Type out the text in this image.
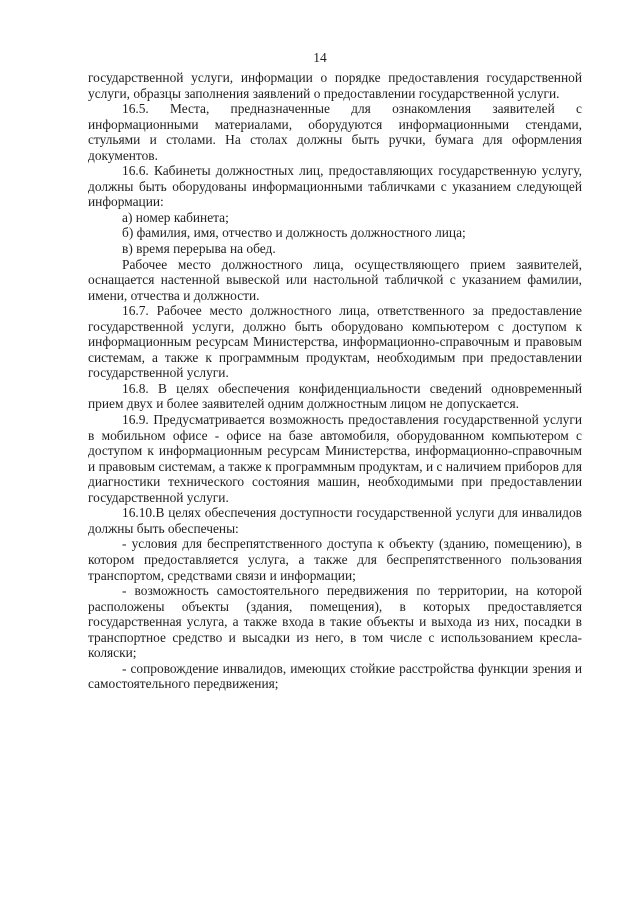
14

государственной услуги, информации о порядке предоставления государственной услуги, образцы заполнения заявлений о предоставлении государственной услуги.

16.5. Места, предназначенные для ознакомления заявителей с информационными материалами, оборудуются информационными стендами, стульями и столами. На столах должны быть ручки, бумага для оформления документов.

16.6. Кабинеты должностных лиц, предоставляющих государственную услугу, должны быть оборудованы информационными табличками с указанием следующей информации:

а) номер кабинета;

б) фамилия, имя, отчество и должность должностного лица;

в) время перерыва на обед.

Рабочее место должностного лица, осуществляющего прием заявителей, оснащается настенной вывеской или настольной табличкой с указанием фамилии, имени, отчества и должности.

16.7. Рабочее место должностного лица, ответственного за предоставление государственной услуги, должно быть оборудовано компьютером с доступом к информационным ресурсам Министерства, информационно-справочным и правовым системам, а также к программным продуктам, необходимым при предоставлении государственной услуги.

16.8. В целях обеспечения конфиденциальности сведений одновременный прием двух и более заявителей одним должностным лицом не допускается.

16.9. Предусматривается возможность предоставления государственной услуги в мобильном офисе - офисе на базе автомобиля, оборудованном компьютером с доступом к информационным ресурсам Министерства, информационно-справочным и правовым системам, а также к программным продуктам, и с наличием приборов для диагностики технического состояния машин, необходимыми при предоставлении государственной услуги.

16.10.В целях обеспечения доступности государственной услуги для инвалидов должны быть обеспечены:

- условия для беспрепятственного доступа к объекту (зданию, помещению), в котором предоставляется услуга, а также для беспрепятственного пользования транспортом, средствами связи и информации;

- возможность самостоятельного передвижения по территории, на которой расположены объекты (здания, помещения), в которых предоставляется государственная услуга, а также входа в такие объекты и выхода из них, посадки в транспортное средство и высадки из него, в том числе с использованием кресла-коляски;

- сопровождение инвалидов, имеющих стойкие расстройства функции зрения и самостоятельного передвижения;
